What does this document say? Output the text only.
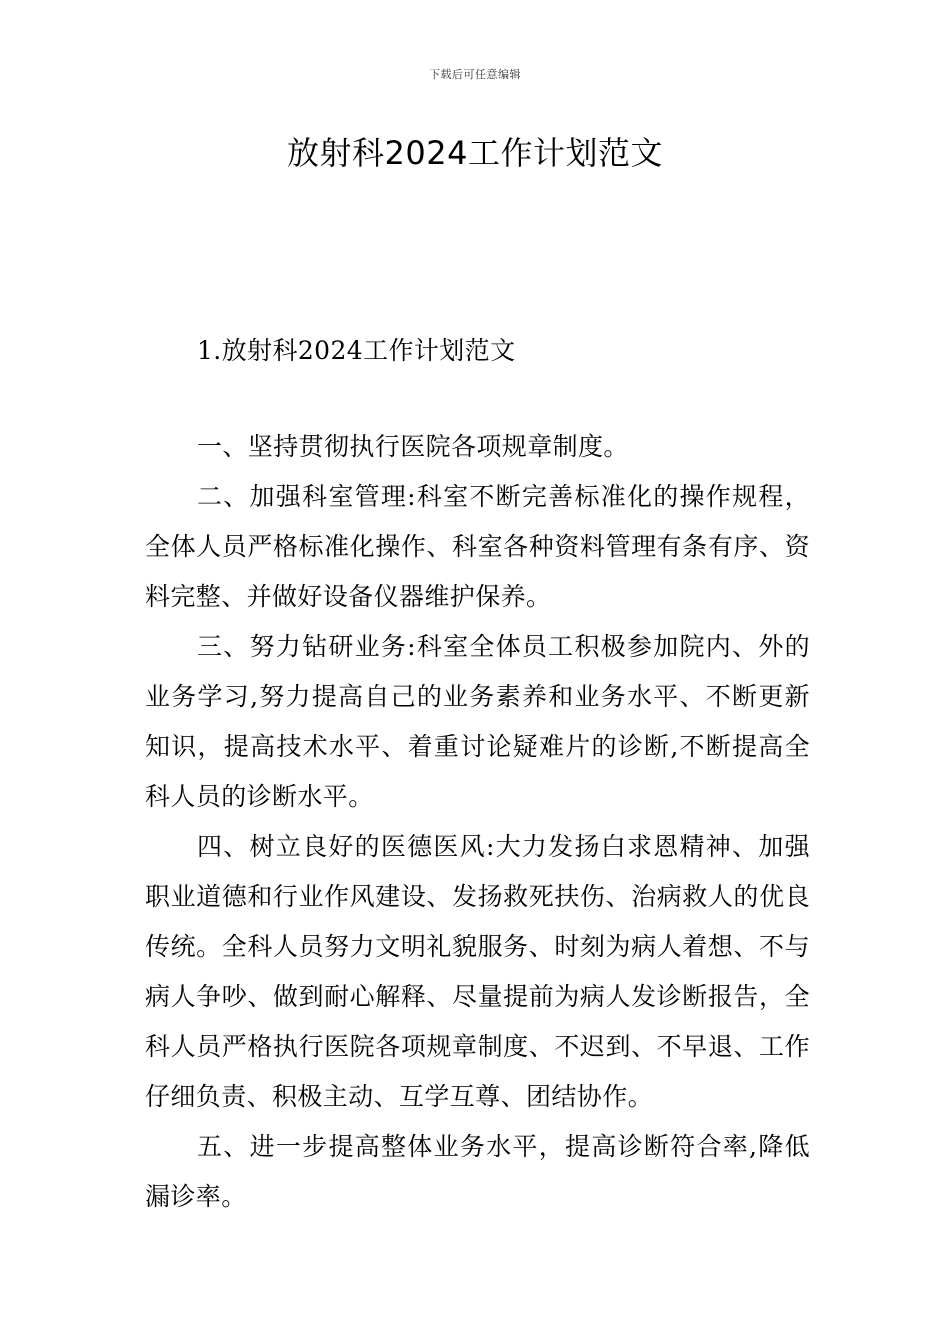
下载后可任意编辑
放射科2024工作计划范文
1.放射科2024工作计划范文

一、坚持贯彻执行医院各项规章制度。

二、加强科室管理:科室不断完善标准化的操作规程，全体人员严格标准化操作、科室各种资料管理有条有序、资料完整、并做好设备仪器维护保养。

三、努力钻研业务:科室全体员工积极参加院内、外的业务学习,努力提高自己的业务素养和业务水平、不断更新知识，提高技术水平、着重讨论疑难片的诊断,不断提高全科人员的诊断水平。

四、树立良好的医德医风:大力发扬白求恩精神、加强职业道德和行业作风建设、发扬救死扶伤、治病救人的优良传统。全科人员努力文明礼貌服务、时刻为病人着想、不与病人争吵、做到耐心解释、尽量提前为病人发诊断报告，全科人员严格执行医院各项规章制度、不迟到、不早退、工作仔细负责、积极主动、互学互尊、团结协作。

五、进一步提高整体业务水平，提高诊断符合率,降低漏诊率。
